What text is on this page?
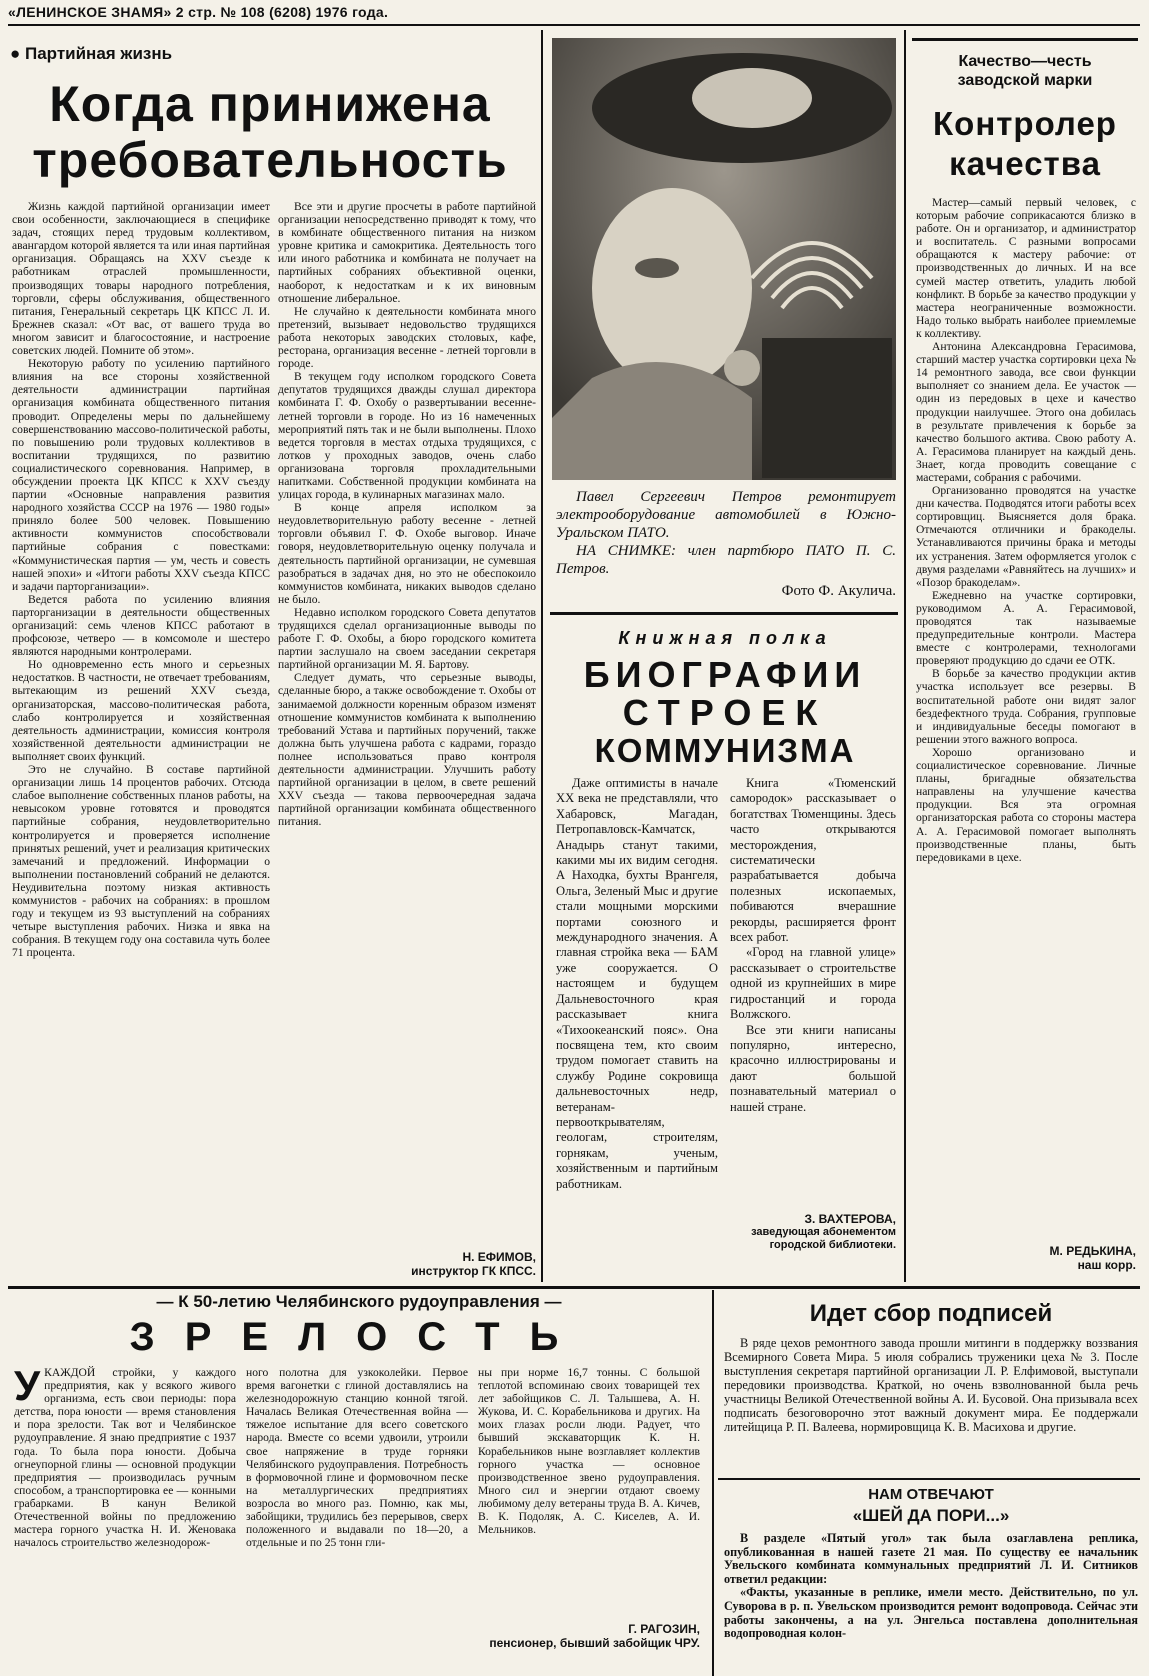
«ЛЕНИНСКОЕ ЗНАМЯ» 2 стр. № 108 (6208) 1976 года.
● Партийная жизнь
Когда принижена
требовательность

Жизнь каждой партийной организации имеет свои особенности, заключающиеся в специфике задач, стоящих перед трудовым коллективом, авангардом которой является та или иная партийная организация. Обращаясь на XXV съезде к работникам отраслей промышленности, производящих товары народного потребления, торговли, сферы обслуживания, общественного питания, Генеральный секретарь ЦК КПСС Л. И. Брежнев сказал: «От вас, от вашего труда во многом зависит и благосостояние, и настроение советских людей. Помните об этом».

Некоторую работу по усилению партийного влияния на все стороны хозяйственной деятельности администрации партийная организация комбината общественного питания проводит. Определены меры по дальнейшему совершенствованию массово-политической работы, по повышению роли трудовых коллективов в воспитании трудящихся, по развитию социалистического соревнования. Например, в обсуждении проекта ЦК КПСС к XXV съезду партии «Основные направления развития народного хозяйства СССР на 1976 — 1980 годы» приняло более 500 человек. Повышению активности коммунистов способствовали партийные собрания с повестками: «Коммунистическая партия — ум, честь и совесть нашей эпохи» и «Итоги работы XXV съезда КПСС и задачи парторганизации».

Ведется работа по усилению влияния парторганизации в деятельности общественных организаций: семь членов КПСС работают в профсоюзе, четверо — в комсомоле и шестеро являются народными контролерами.

Но одновременно есть много и серьезных недостатков. В частности, не отвечает требованиям, вытекающим из решений XXV съезда, организаторская, массово-политическая работа, слабо контролируется и хозяйственная деятельность администрации, комиссия контроля хозяйственной деятельности администрации не выполняет своих функций.

Это не случайно. В составе партийной организации лишь 14 процентов рабочих. Отсюда слабое выполнение собственных планов работы, на невысоком уровне готовятся и проводятся партийные собрания, неудовлетворительно контролируется и проверяется исполнение принятых решений, учет и реализация критических замечаний и предложений. Информации о выполнении постановлений собраний не делаются. Неудивительна поэтому низкая активность коммунистов - рабочих на собраниях: в прошлом году и текущем из 93 выступлений на собраниях четыре выступления рабочих. Низка и явка на собрания. В текущем году она составила чуть более 71 процента.

Все эти и другие просчеты в работе партийной организации непосредственно приводят к тому, что в комбинате общественного питания на низком уровне критика и самокритика. Деятельность того или иного работника и комбината не получает на партийных собраниях объективной оценки, наоборот, к недостаткам и к их виновным отношение либеральное.

Не случайно к деятельности комбината много претензий, вызывает недовольство трудящихся работа некоторых заводских столовых, кафе, ресторана, организация весенне - летней торговли в городе.

В текущем году исполком городского Совета депутатов трудящихся дважды слушал директора комбината Г. Ф. Охобу о развертывании весенне-летней торговли в городе. Но из 16 намеченных мероприятий пять так и не были выполнены. Плохо ведется торговля в местах отдыха трудящихся, с лотков у проходных заводов, очень слабо организована торговля прохладительными напитками. Собственной продукции комбината на улицах города, в кулинарных магазинах мало.

В конце апреля исполком за неудовлетворительную работу весенне - летней торговли объявил Г. Ф. Охобе выговор. Иначе говоря, неудовлетворительную оценку получала и деятельность партийной организации, не сумевшая разобраться в задачах дня, но это не обеспокоило коммунистов комбината, никаких выводов сделано не было.

Недавно исполком городского Совета депутатов трудящихся сделал организационные выводы по работе Г. Ф. Охобы, а бюро городского комитета партии заслушало на своем заседании секретаря партийной организации М. Я. Бартову.

Следует думать, что серьезные выводы, сделанные бюро, а также освобождение т. Охобы от занимаемой должности коренным образом изменят отношение коммунистов комбината к выполнению требований Устава и партийных поручений, также должна быть улучшена работа с кадрами, гораздо полнее использоваться право контроля деятельности администрации. Улучшить работу партийной организации в целом, в свете решений XXV съезда — такова первоочередная задача партийной организации комбината общественного питания.

Н. ЕФИМОВ,
инструктор ГК КПСС.
Павел Сергеевич Петров ремонтирует электрооборудование автомобилей в Южно-Уральском ПАТО.
НА СНИМКЕ: член партбюро ПАТО П. С. Петров.
Фото Ф. Акулича.
Книжная полка
БИОГРАФИИ
СТРОЕК
КОММУНИЗМА

Даже оптимисты в начале XX века не представляли, что Хабаровск, Магадан, Петропавловск-Камчатск, Анадырь станут такими, какими мы их видим сегодня. А Находка, бухты Врангеля, Ольга, Зеленый Мыс и другие стали мощными морскими портами союзного и международного значения. А главная стройка века — БАМ уже сооружается. О настоящем и будущем Дальневосточного края рассказывает книга «Тихоокеанский пояс». Она посвящена тем, кто своим трудом помогает ставить на службу Родине сокровища дальневосточных недр, ветеранам-первооткрывателям, геологам, строителям, горнякам, ученым, хозяйственным и партийным работникам.

Книга «Тюменский самородок» рассказывает о богатствах Тюменщины. Здесь часто открываются месторождения, систематически разрабатывается добыча полезных ископаемых, побиваются вчерашние рекорды, расширяется фронт всех работ.

«Город на главной улице» рассказывает о строительстве одной из крупнейших в мире гидростанций и города Волжского.

Все эти книги написаны популярно, интересно, красочно иллюстрированы и дают большой познавательный материал о нашей стране.

З. ВАХТЕРОВА,
заведующая абонементом городской библиотеки.
Качество—честь
заводской марки
Контролер
качества

Мастер—самый первый человек, с которым рабочие соприкасаются близко в работе. Он и организатор, и администратор и воспитатель. С разными вопросами обращаются к мастеру рабочие: от производственных до личных. И на все сумей мастер ответить, уладить любой конфликт. В борьбе за качество продукции у мастера неограниченные возможности. Надо только выбрать наиболее приемлемые к коллективу.

Антонина Александровна Герасимова, старший мастер участка сортировки цеха № 14 ремонтного завода, все свои функции выполняет со знанием дела. Ее участок — один из передовых в цехе и качество продукции наилучшее. Этого она добилась в результате привлечения к борьбе за качество большого актива. Свою работу А. А. Герасимова планирует на каждый день. Знает, когда проводить совещание с мастерами, собрания с рабочими.

Организованно проводятся на участке дни качества. Подводятся итоги работы всех сортировщиц. Выясняется доля брака. Отмечаются отличники и бракоделы. Устанавливаются причины брака и методы их устранения. Затем оформляется уголок с двумя разделами «Равняйтесь на лучших» и «Позор бракоделам».

Ежедневно на участке сортировки, руководимом А. А. Герасимовой, проводятся так называемые предупредительные контроли. Мастера вместе с контролерами, технологами проверяют продукцию до сдачи ее ОТК.

В борьбе за качество продукции актив участка использует все резервы. В воспитательной работе они видят залог бездефектного труда. Собрания, групповые и индивидуальные беседы помогают в решении этого важного вопроса.

Хорошо организовано и социалистическое соревнование. Личные планы, бригадные обязательства направлены на улучшение качества продукции. Вся эта огромная организаторская работа со стороны мастера А. А. Герасимовой помогает выполнять производственные планы, быть передовиками в цехе.

М. РЕДЬКИНА,
наш корр.
— К 50-летию Челябинского рудоуправления —
ЗРЕЛОСТЬ
УКАЖДОЙ стройки, у каждого предприятия, как у всякого живого организма, есть свои периоды: пора детства, пора юности — время становления и пора зрелости. Так вот и Челябинское рудоуправление. Я знаю предприятие с 1937 года. То была пора юности. Добыча огнеупорной глины — основной продукции предприятия — производилась ручным способом, а транспортировка ее — конными грабарками. В канун Великой Отечественной войны по предложению мастера горного участка Н. И. Женовака началось строительство железнодорож-

ного полотна для узкоколейки. Первое время вагонетки с глиной доставлялись на железнодорожную станцию конной тягой. Началась Великая Отечественная война — тяжелое испытание для всего советского народа. Вместе со всеми удвоили, утроили свое напряжение в труде горняки Челябинского рудоуправления. Потребность в формовочной глине и формовочном песке на металлургических предприятиях возросла во много раз. Помню, как мы, забойщики, трудились без перерывов, сверх положенного и выдавали по 18—20, а отдельные и по 25 тонн гли-

ны при норме 16,7 тонны. С большой теплотой вспоминаю своих товарищей тех лет забойщиков С. Л. Талышева, А. Н. Жукова, И. С. Корабельникова и других. На моих глазах росли люди. Радует, что бывший экскаваторщик К. Н. Корабельников ныне возглавляет коллектив горного участка — основное производственное звено рудоуправления. Много сил и энергии отдают своему любимому делу ветераны труда В. А. Кичев, В. К. Подоляк, А. С. Киселев, А. И. Мельников.

Г. РАГОЗИН,
пенсионер, бывший забойщик ЧРУ.
Идет сбор подписей

В ряде цехов ремонтного завода прошли митинги в поддержку воззвания Всемирного Совета Мира. 5 июля собрались труженики цеха № 3. После выступления секретаря партийной организации Л. Р. Елфимовой, выступали передовики производства. Краткой, но очень взволнованной была речь участницы Великой Отечественной войны А. И. Бусовой. Она призывала всех подписать безоговорочно этот важный документ мира. Ее поддержали литейщица Р. П. Валеева, нормировщица К. В. Масихова и другие.

НАМ ОТВЕЧАЮТ
«ШЕЙ ДА ПОРИ...»

В разделе «Пятый угол» так была озаглавлена реплика, опубликованная в нашей газете 21 мая. По существу ее начальник Увельского комбината коммунальных предприятий Л. И. Ситников ответил редакции:

«Факты, указанные в реплике, имели место. Действительно, по ул. Суворова в р. п. Увельском производится ремонт водопровода. Сейчас эти работы закончены, а на ул. Энгельса поставлена дополнительная водопроводная колон-
